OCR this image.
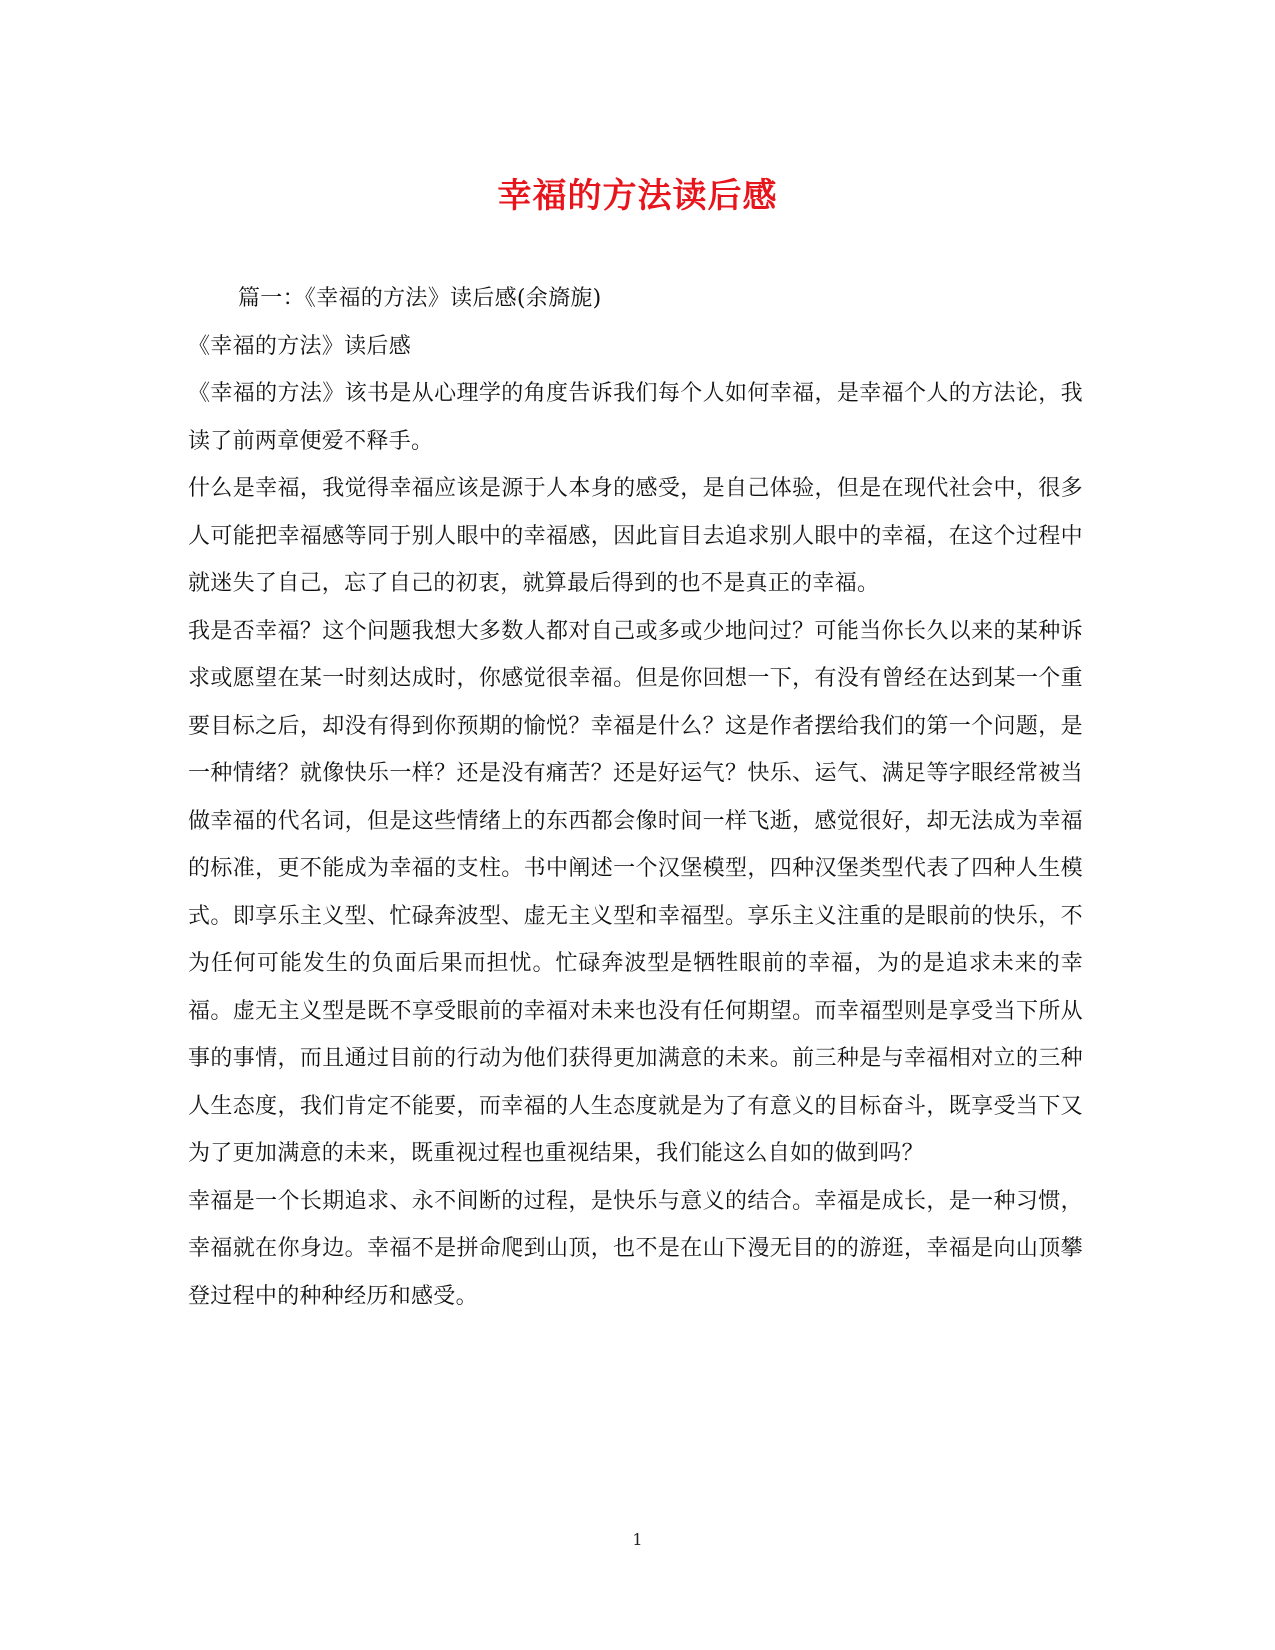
幸福的方法读后感

篇一：《幸福的方法》读后感(余旖旎)

《幸福的方法》读后感

《幸福的方法》该书是从心理学的角度告诉我们每个人如何幸福，是幸福个人的方法论，我读了前两章便爱不释手。

什么是幸福，我觉得幸福应该是源于人本身的感受，是自己体验，但是在现代社会中，很多人可能把幸福感等同于别人眼中的幸福感，因此盲目去追求别人眼中的幸福，在这个过程中就迷失了自己，忘了自己的初衷，就算最后得到的也不是真正的幸福。

我是否幸福？这个问题我想大多数人都对自己或多或少地问过？可能当你长久以来的某种诉求或愿望在某一时刻达成时，你感觉很幸福。但是你回想一下，有没有曾经在达到某一个重要目标之后，却没有得到你预期的愉悦？幸福是什么？这是作者摆给我们的第一个问题，是一种情绪？就像快乐一样？还是没有痛苦？还是好运气？快乐、运气、满足等字眼经常被当做幸福的代名词，但是这些情绪上的东西都会像时间一样飞逝，感觉很好，却无法成为幸福的标准，更不能成为幸福的支柱。书中阐述一个汉堡模型，四种汉堡类型代表了四种人生模式。即享乐主义型、忙碌奔波型、虚无主义型和幸福型。享乐主义注重的是眼前的快乐，不为任何可能发生的负面后果而担忧。忙碌奔波型是牺牲眼前的幸福，为的是追求未来的幸福。虚无主义型是既不享受眼前的幸福对未来也没有任何期望。而幸福型则是享受当下所从事的事情，而且通过目前的行动为他们获得更加满意的未来。前三种是与幸福相对立的三种人生态度，我们肯定不能要，而幸福的人生态度就是为了有意义的目标奋斗，既享受当下又为了更加满意的未来，既重视过程也重视结果，我们能这么自如的做到吗？

幸福是一个长期追求、永不间断的过程，是快乐与意义的结合。幸福是成长，是一种习惯，幸福就在你身边。幸福不是拼命爬到山顶，也不是在山下漫无目的的游逛，幸福是向山顶攀登过程中的种种经历和感受。

1
